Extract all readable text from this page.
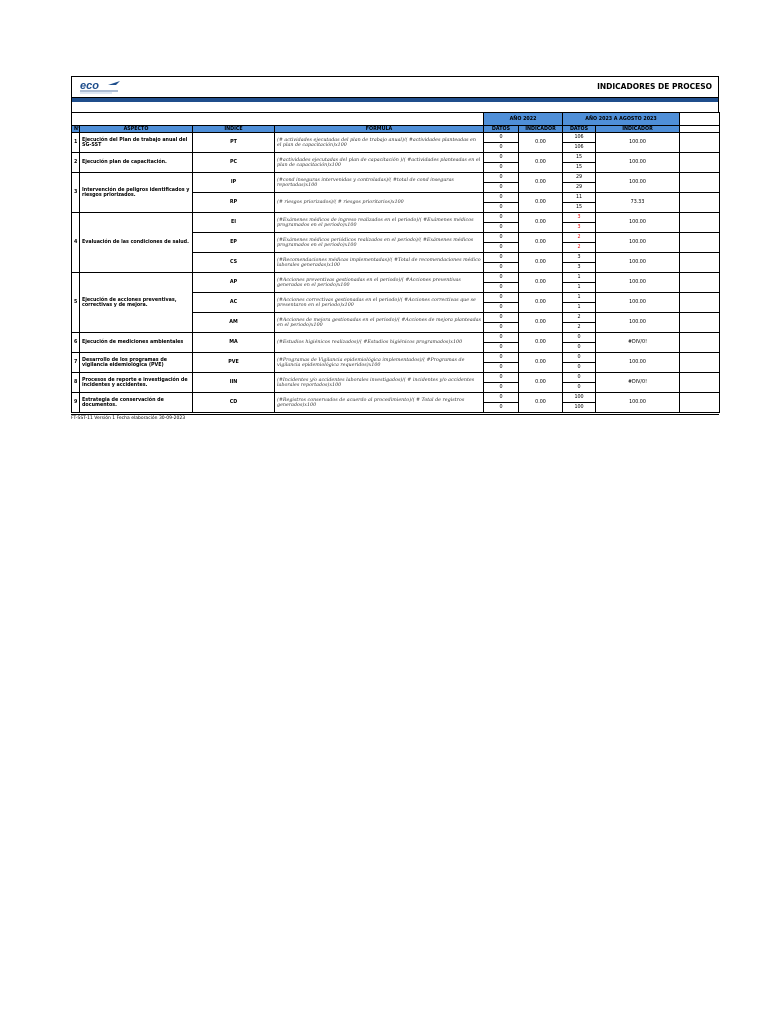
eco	INDICADORES DE PROCESO
				AÑO 2022		AÑO 2023 A AGOSTO 2023		
N°	ASPECTO	INDICE	FORMULA	DATOS	INDICADOR	DATOS	INDICADOR	
1	Ejecución del Plan de trabajo anual del SG-SST	PT	(# actividades ejecutadas del plan de trabajo anual)/( #actividades planteadas en el plan de capacitación)x100	0	0.00	106	100.00	
				0		106		
2	Ejecución plan de capacitación.	PC	(#actividades ejecutadas del plan de capacitación )/( #actividades planteadas en el plan de capacitación)x100	0	0.00	15	100.00	
				0		15		
3	Intervención de peligros identificados y riesgos priorizados.	IP	(#cond inseguras intervenidas y controladas)/( #total de cond inseguras reportadas)x100	0	0.00	29	100.00	
				0		29		
		RP	(# riesgos priorizados)/( # riesgos prioritarios)x100	0	0.00	11	73.33	
				0		15		
4	Evaluación de las condiciones de salud.	EI	(#Exámenes médicos de ingreso realizados en el periodo)/( #Exámenes médicos programados en el periodo)x100	0	0.00	3	100.00	
				0		3		
		EP	(#Exámenes médicos periódicos realizados en el periodo)/( #Exámenes médicos programados en el periodo)x100	0	0.00	2	100.00	
				0		2		
		CS	(#Recomendaciones médicas implementadas)/( #Total de recomendaciones médico laborales generadas)x100	0	0.00	3	100.00	
				0		3		
5	Ejecución de acciones preventivas, correctivas y de mejora.	AP	(#Acciones preventivas gestionadas en el periodo)/( #Acciones preventivas generadas en el periodo)x100	0	0.00	1	100.00	
				0		1		
		AC	(#Acciones correctivas gestionadas en el periodo)/( #Acciones correctivas que se presentaron en el periodo)x100	0	0.00	1	100.00	
				0		1		
		AM	(#Acciones de mejora gestionadas en el periodo)/( #Acciones de mejora planteadas en el periodo)x100	0	0.00	2	100.00	
				0		2		
6	Ejecución de mediciones ambientales	MA	(#Estudios higiénicos realizados)/( #Estudios higiénicos programados)x100	0	0.00	0	#DIV/0!	
				0		0		
7	Desarrollo de los programas de vigilancia eidemiológica (PVE)	PVE	(#Programas de Vigilancia epidemiológica implementados)/( #Programas de vigilancia epidemiológica requeridos)x100	0	0.00	0	100.00	
				0		0		
8	Procesos de reporte e investigación de incidentes y accidentes.	IIN	(#Incidentes y/o accidentes laborales investigados)/( # incidentes y/o accidentes laborales reportados)x100	0	0.00	0	#DIV/0!	
				0		0		
9	Estrategia de conservación de documentos.	CD	(#Registros conservados de acuerdo al procedimiento)/( # Total de registros generados)x100	0	0.00	100	100.00	
				0		100		
FT-SST-11 Versión 1 Fecha elaboración 30-09-2023
